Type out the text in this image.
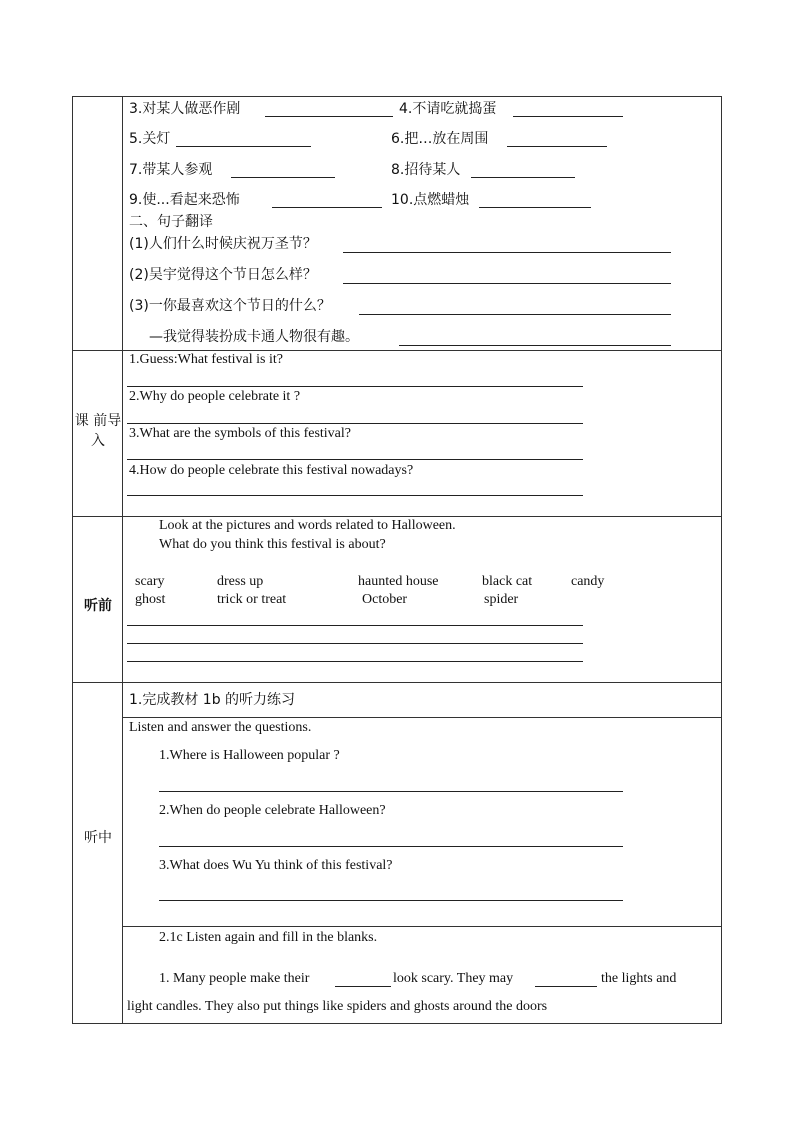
3.对某人做恶作剧	4.不请吃就捣蛋
5.关灯	6.把…放在周围
7.带某人参观	8.招待某人
9.使...看起来恐怖	10.点燃蜡烛
二、句子翻译
(1)人们什么时候庆祝万圣节？
(2)吴宇觉得这个节日怎么样？
(3)一你最喜欢这个节日的什么？
—我觉得装扮成卡通人物很有趣。
课 前导入
1.Guess:What festival is it?
2.Why do people celebrate it ?
3.What are the symbols of this festival?
4.How do people celebrate this festival nowadays?
听前
Look at the pictures and words related to Halloween.
What do you think this festival is about?
scary	dress up	haunted house	black cat	candy
ghost	trick or treat	October	spider
听中
1.完成教材 1b 的听力练习
Listen and answer the questions.
1.Where is Halloween popular ?
2.When do people celebrate Halloween?
3.What does Wu Yu think of this festival?
2.1c Listen again and fill in the blanks.
1. Many people make their	look scary. They may	the lights and
light candles. They also put things like spiders and ghosts around the doors
